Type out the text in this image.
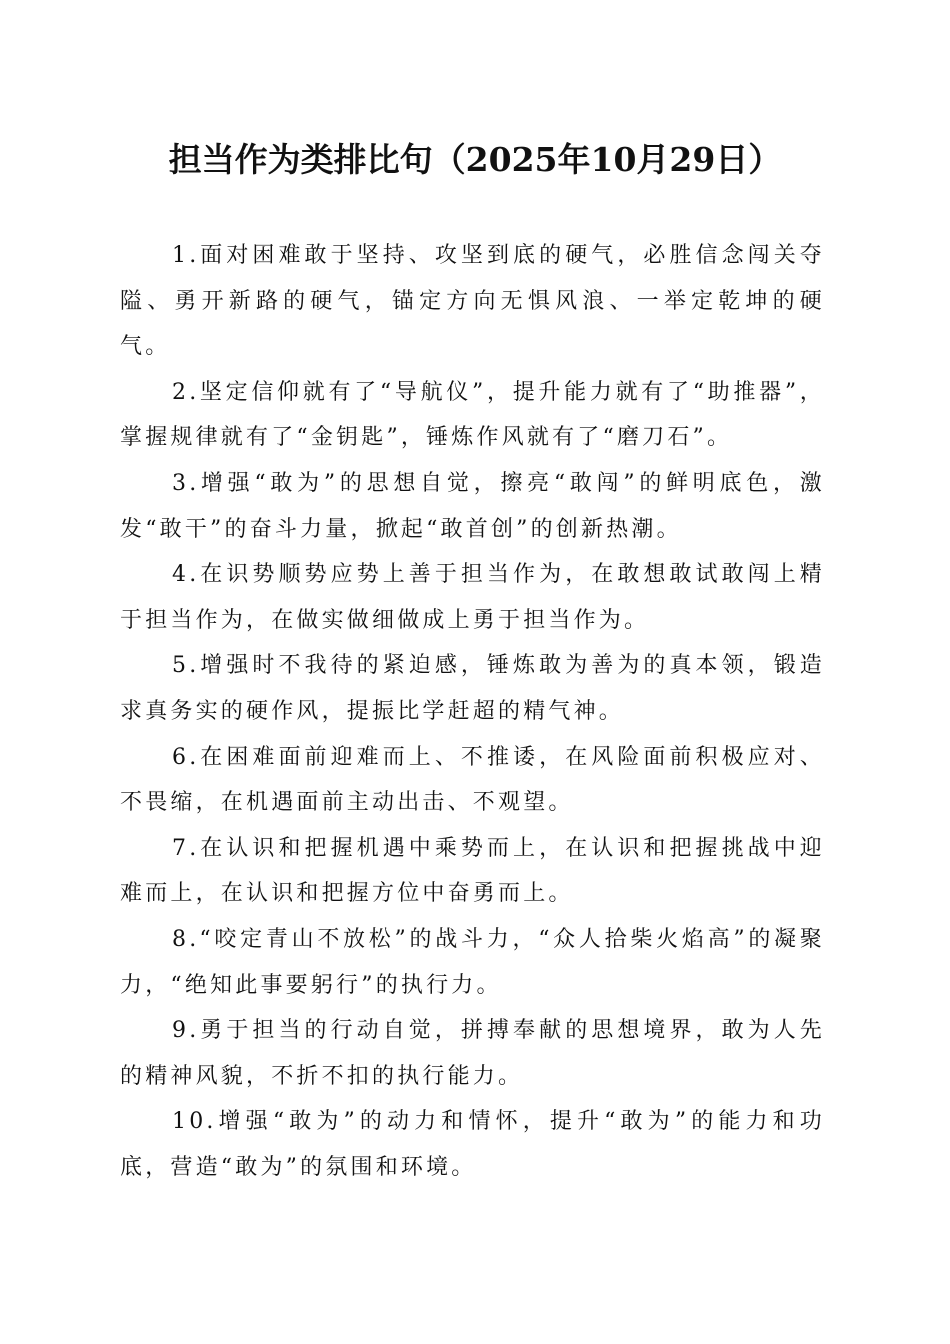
担当作为类排比句（2025年10月29日）

1.面对困难敢于坚持、攻坚到底的硬气，必胜信念闯关夺隘、勇开新路的硬气，锚定方向无惧风浪、一举定乾坤的硬气。

2.坚定信仰就有了“导航仪”，提升能力就有了“助推器”，掌握规律就有了“金钥匙”，锤炼作风就有了“磨刀石”。

3.增强“敢为”的思想自觉，擦亮“敢闯”的鲜明底色，激发“敢干”的奋斗力量，掀起“敢首创”的创新热潮。

4.在识势顺势应势上善于担当作为，在敢想敢试敢闯上精于担当作为，在做实做细做成上勇于担当作为。

5.增强时不我待的紧迫感，锤炼敢为善为的真本领，锻造求真务实的硬作风，提振比学赶超的精气神。

6.在困难面前迎难而上、不推诿，在风险面前积极应对、不畏缩，在机遇面前主动出击、不观望。

7.在认识和把握机遇中乘势而上，在认识和把握挑战中迎难而上，在认识和把握方位中奋勇而上。

8.“咬定青山不放松”的战斗力，“众人拾柴火焰高”的凝聚力，“绝知此事要躬行”的执行力。

9.勇于担当的行动自觉，拼搏奉献的思想境界，敢为人先的精神风貌，不折不扣的执行能力。

10.增强“敢为”的动力和情怀，提升“敢为”的能力和功底，营造“敢为”的氛围和环境。
